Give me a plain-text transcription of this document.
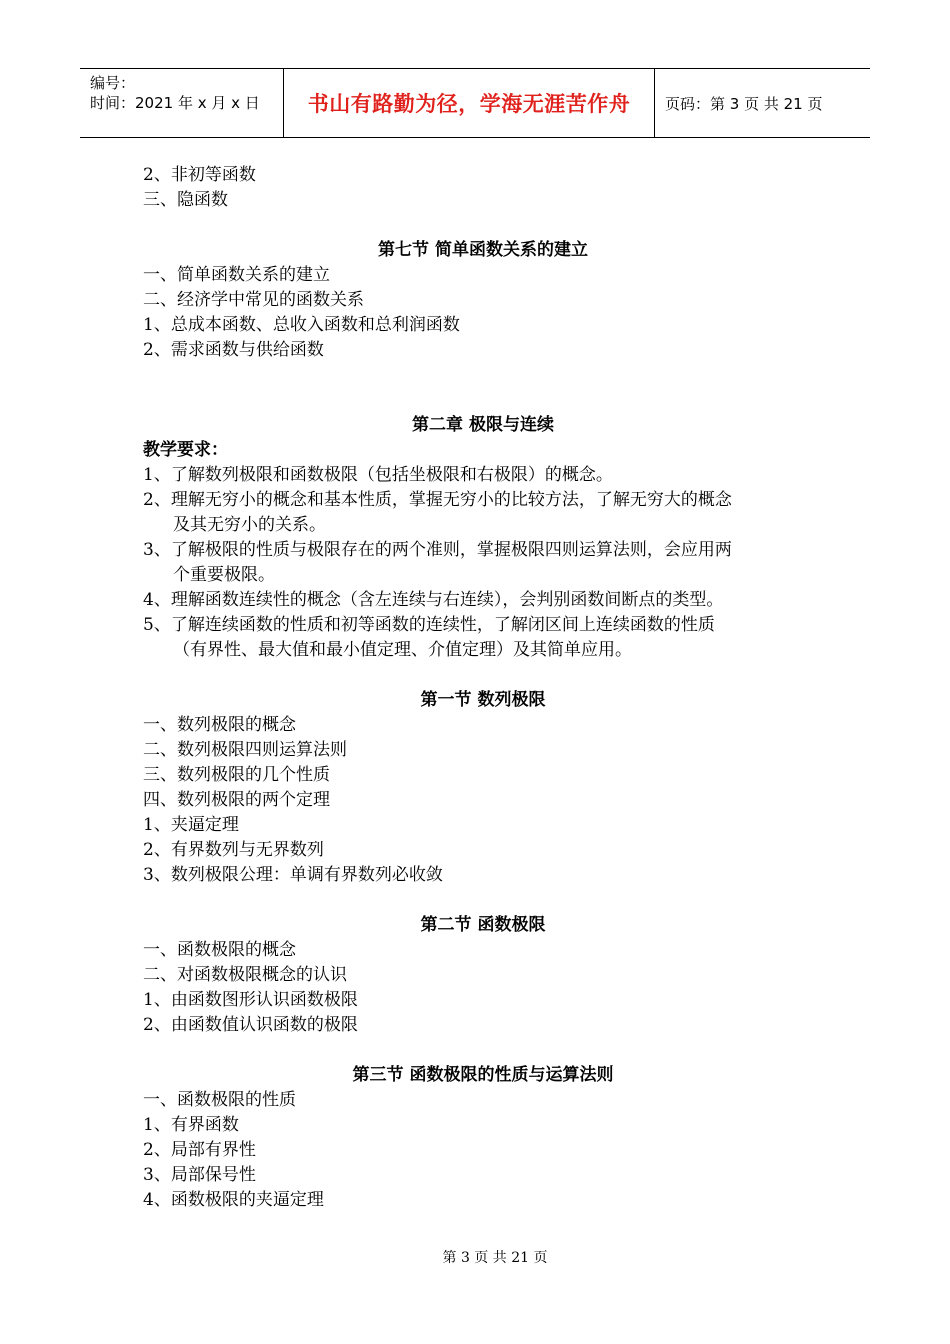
编号：
时间：2021 年 x 月 x 日	书山有路勤为径，学海无涯苦作舟 页码：第 3 页 共 21 页
2、非初等函数
三、隐函数
第七节 简单函数关系的建立
一、简单函数关系的建立
二、经济学中常见的函数关系
1、总成本函数、总收入函数和总利润函数
2、需求函数与供给函数
第二章 极限与连续
教学要求：
1、了解数列极限和函数极限（包括坐极限和右极限）的概念。
2、理解无穷小的概念和基本性质，掌握无穷小的比较方法，了解无穷大的概念
及其无穷小的关系。
3、了解极限的性质与极限存在的两个准则，掌握极限四则运算法则，会应用两
个重要极限。
4、理解函数连续性的概念（含左连续与右连续），会判别函数间断点的类型。
5、了解连续函数的性质和初等函数的连续性，了解闭区间上连续函数的性质
（有界性、最大值和最小值定理、介值定理）及其简单应用。
第一节 数列极限
一、数列极限的概念
二、数列极限四则运算法则
三、数列极限的几个性质
四、数列极限的两个定理
1、夹逼定理
2、有界数列与无界数列
3、数列极限公理：单调有界数列必收敛
第二节 函数极限
一、函数极限的概念
二、对函数极限概念的认识
1、由函数图形认识函数极限
2、由函数值认识函数的极限
第三节 函数极限的性质与运算法则
一、函数极限的性质
1、有界函数
2、局部有界性
3、局部保号性
4、函数极限的夹逼定理
第 3 页 共 21 页
